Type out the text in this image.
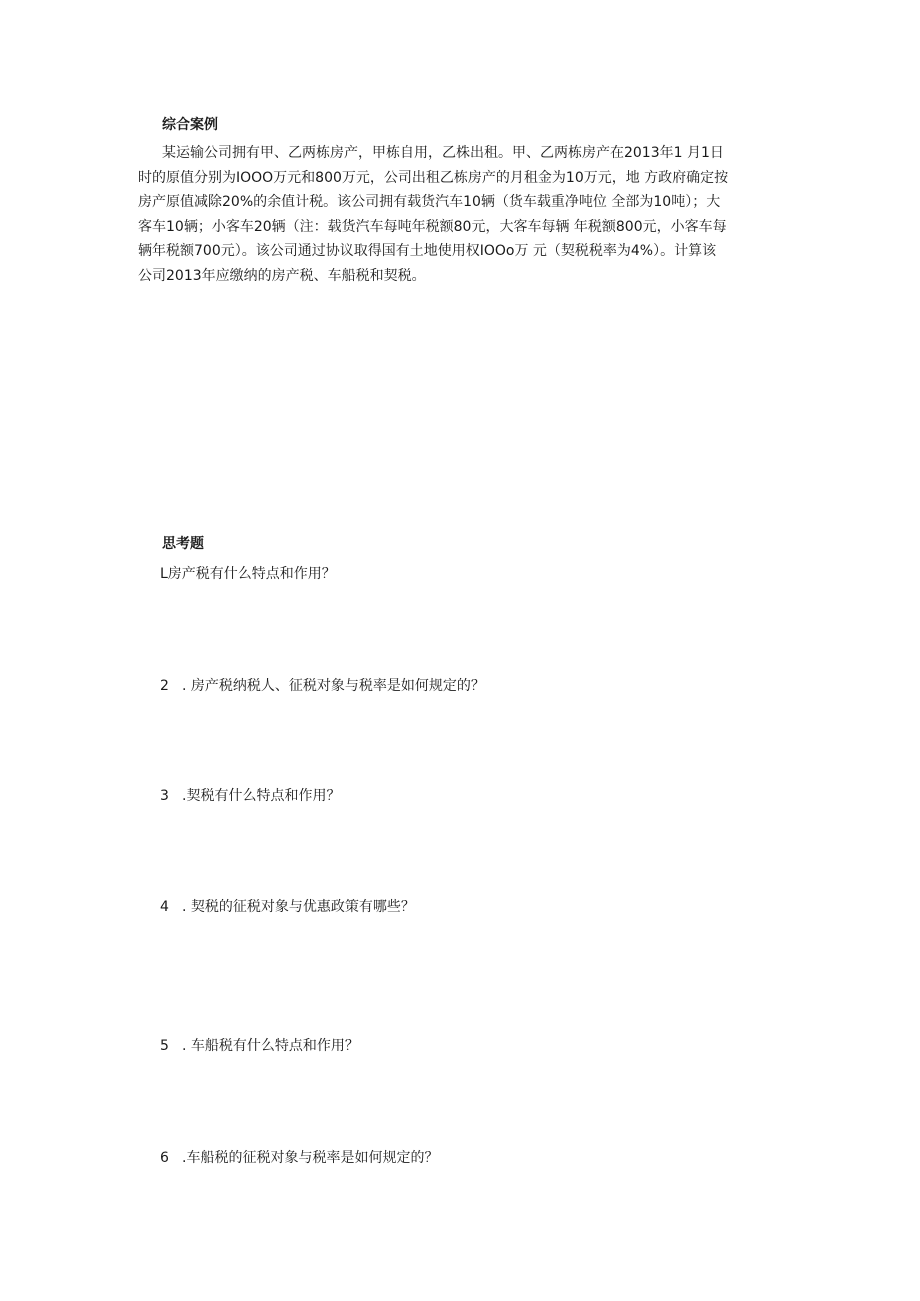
综合案例

某运输公司拥有甲、乙两栋房产，甲栋自用，乙株出租。甲、乙两栋房产在2013年1 月1日
时的原值分别为IOOO万元和800万元，公司出租乙栋房产的月租金为10万元，地 方政府确定按
房产原值减除20%的余值计税。该公司拥有载货汽车10辆（货车载重净吨位 全部为10吨）；大
客车10辆；小客车20辆（注：载货汽车每吨年税额80元，大客车每辆 年税额800元，小客车每
辆年税额700元）。该公司通过协议取得国有土地使用权IOOo万 元（契税税率为4%）。计算该
公司2013年应缴纳的房产税、车船税和契税。

思考题

L房产税有什么特点和作用？

2 . 房产税纳税人、征税对象与税率是如何规定的？

3 .契税有什么特点和作用？

4 . 契税的征税对象与优惠政策有哪些？

5 . 车船税有什么特点和作用？

6 .车船税的征税对象与税率是如何规定的？
